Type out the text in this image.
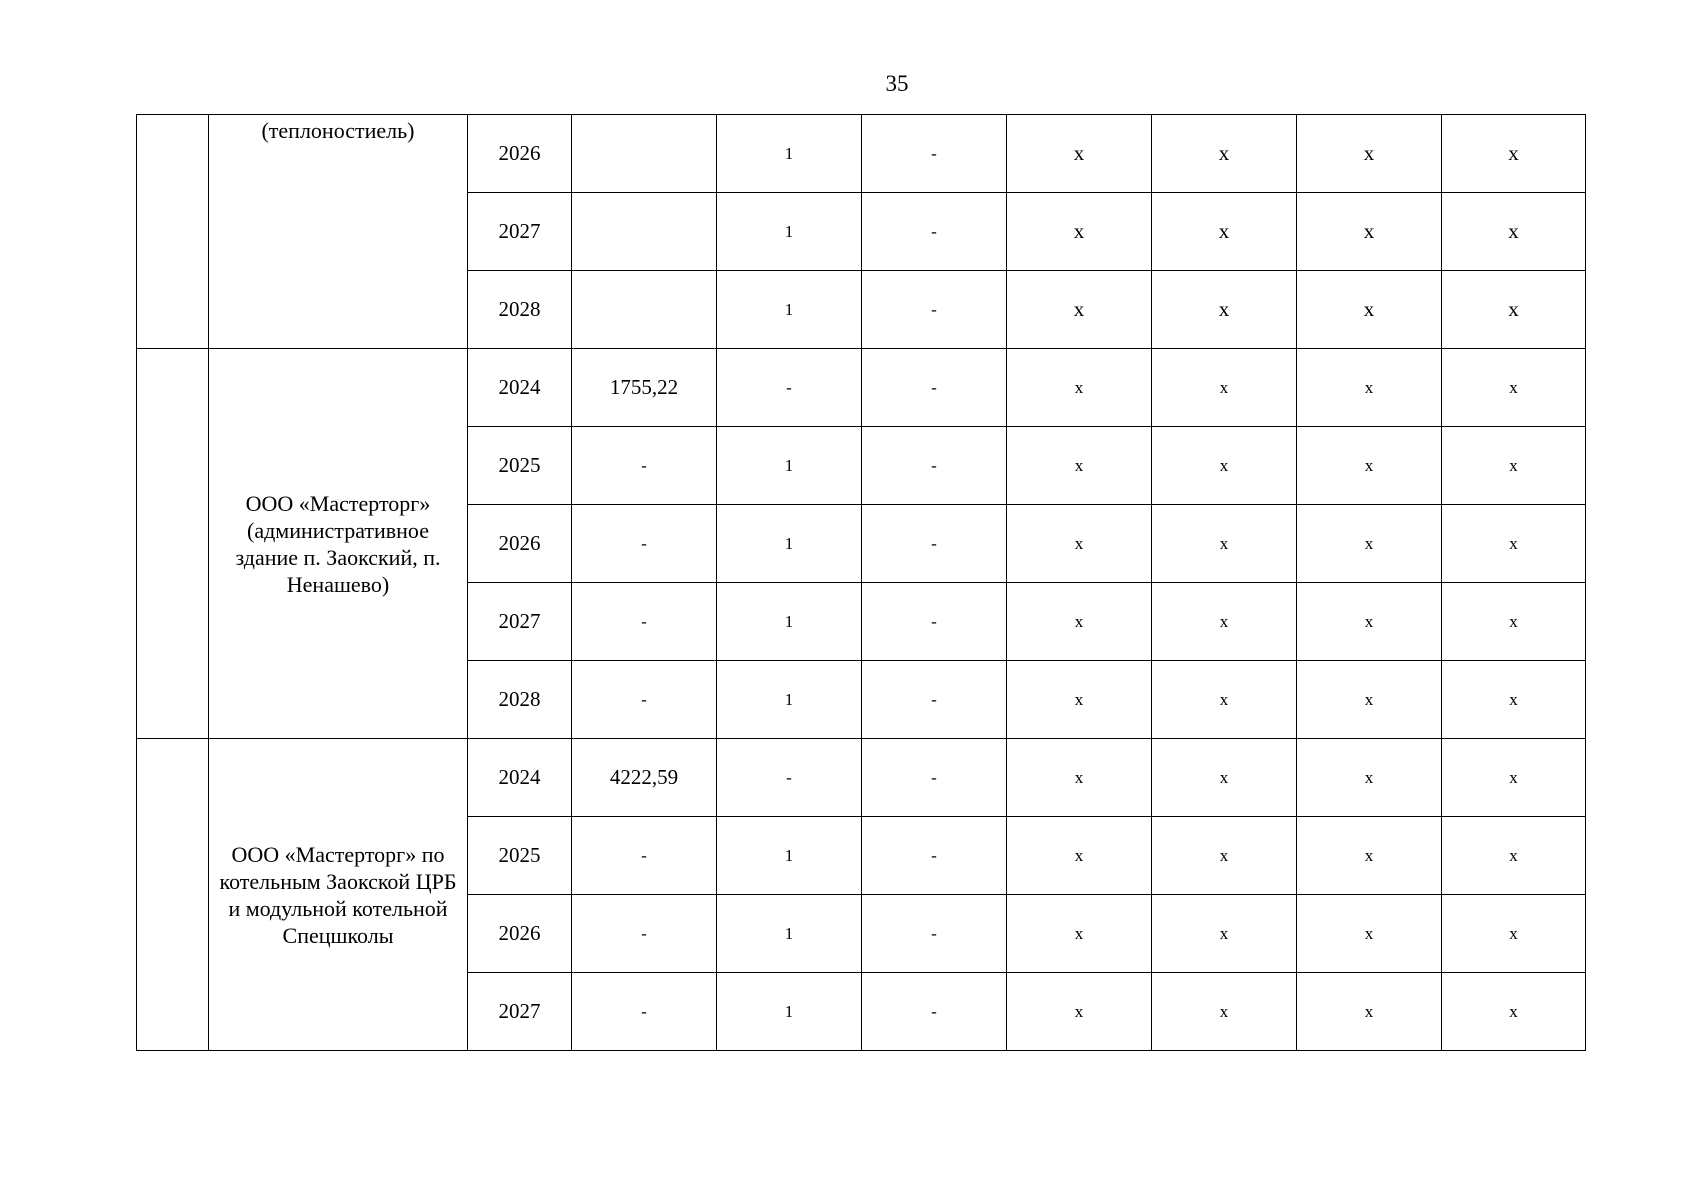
35
	(теплоностиель)	2026		1	-	x	x	x	x
		2027		1	-	x	x	x	x
		2028		1	-	x	x	x	x
	ООО «Мастерторг» (административное здание п. Заокский, п. Ненашево)	2024	1755,22	-	-	x	x	x	x
		2025	-	1	-	x	x	x	x
		2026	-	1	-	x	x	x	x
		2027	-	1	-	x	x	x	x
		2028	-	1	-	x	x	x	x
	ООО «Мастерторг» по котельным Заокской ЦРБ и модульной котельной Спецшколы	2024	4222,59	-	-	x	x	x	x
		2025	-	1	-	x	x	x	x
		2026	-	1	-	x	x	x	x
		2027	-	1	-	x	x	x	x
